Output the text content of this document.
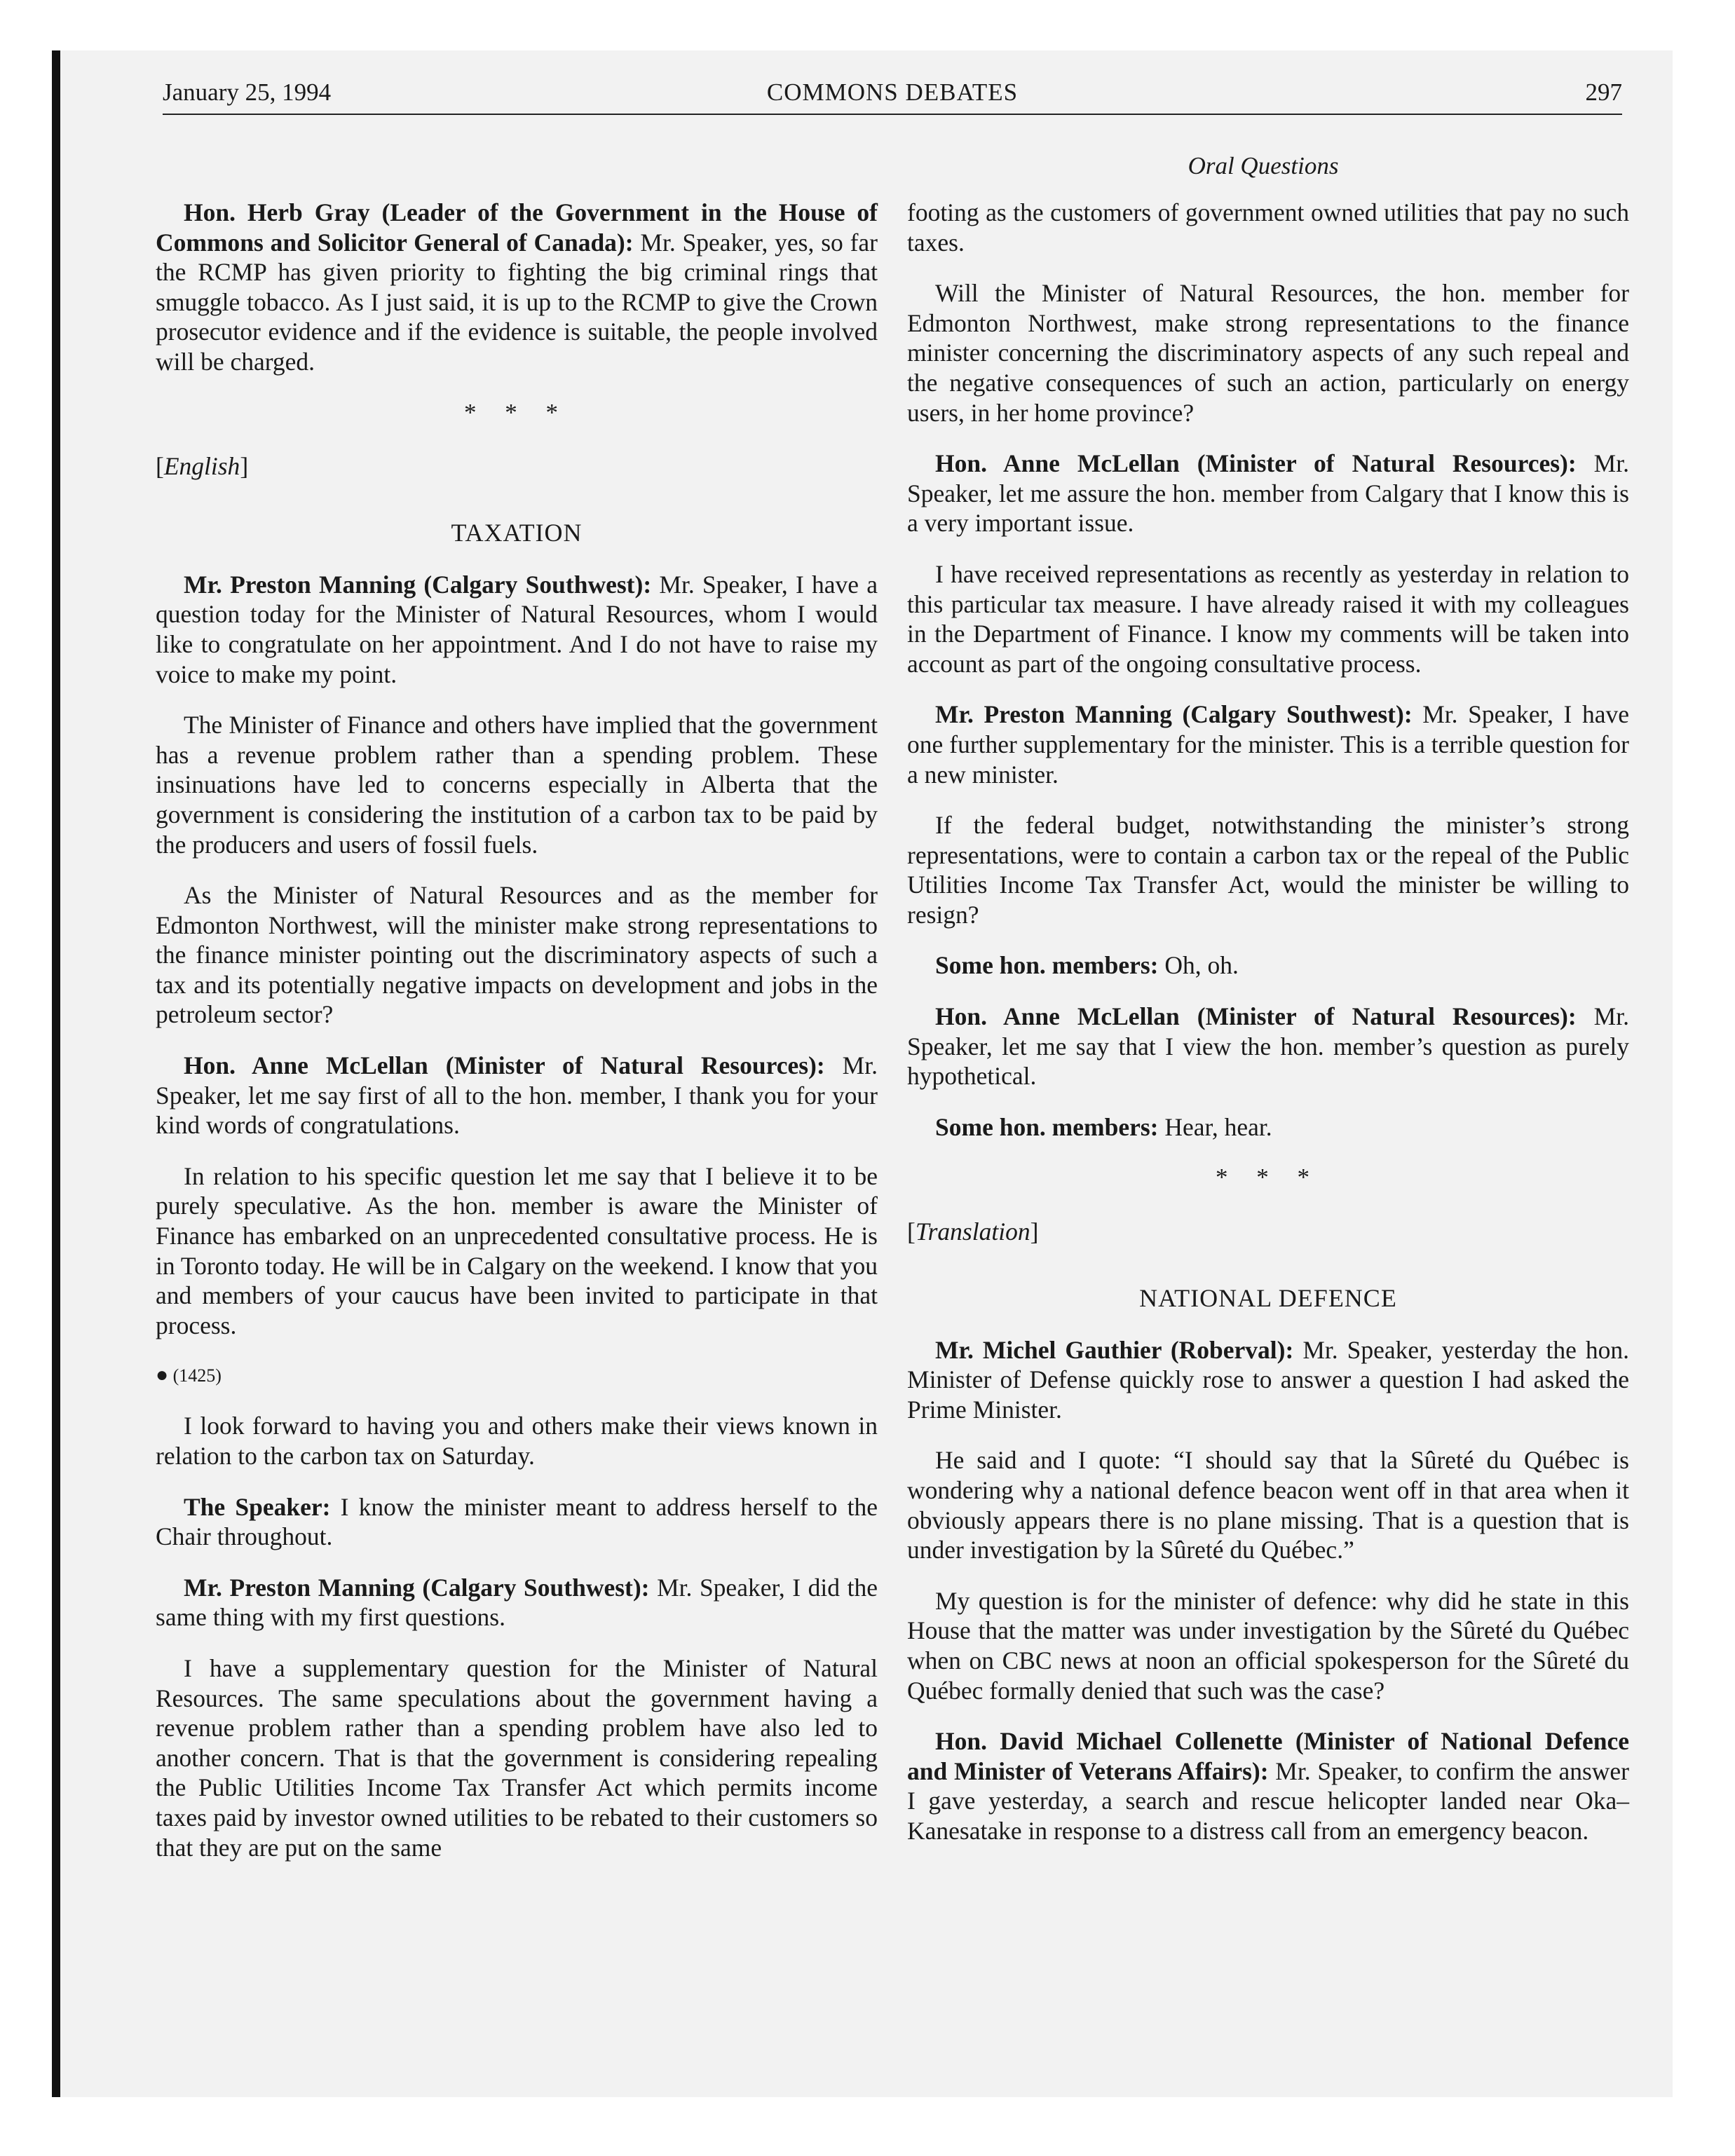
January 25, 1994	COMMONS DEBATES	297
Oral Questions

Hon. Herb Gray (Leader of the Government in the House of Commons and Solicitor General of Canada): Mr. Speaker, yes, so far the RCMP has given priority to fighting the big criminal rings that smuggle tobacco. As I just said, it is up to the RCMP to give the Crown prosecutor evidence and if the evidence is suitable, the people involved will be charged.

* * *
[English]
TAXATION

Mr. Preston Manning (Calgary Southwest): Mr. Speaker, I have a question today for the Minister of Natural Resources, whom I would like to congratulate on her appointment. And I do not have to raise my voice to make my point.

The Minister of Finance and others have implied that the government has a revenue problem rather than a spending problem. These insinuations have led to concerns especially in Alberta that the government is considering the institution of a carbon tax to be paid by the producers and users of fossil fuels.

As the Minister of Natural Resources and as the member for Edmonton Northwest, will the minister make strong representations to the finance minister pointing out the discriminatory aspects of such a tax and its potentially negative impacts on development and jobs in the petroleum sector?

Hon. Anne McLellan (Minister of Natural Resources): Mr. Speaker, let me say first of all to the hon. member, I thank you for your kind words of congratulations.

In relation to his specific question let me say that I believe it to be purely speculative. As the hon. member is aware the Minister of Finance has embarked on an unprecedented consultative process. He is in Toronto today. He will be in Calgary on the weekend. I know that you and members of your caucus have been invited to participate in that process.

● (1425)

I look forward to having you and others make their views known in relation to the carbon tax on Saturday.

The Speaker: I know the minister meant to address herself to the Chair throughout.

Mr. Preston Manning (Calgary Southwest): Mr. Speaker, I did the same thing with my first questions.

I have a supplementary question for the Minister of Natural Resources. The same speculations about the government having a revenue problem rather than a spending problem have also led to another concern. That is that the government is considering repealing the Public Utilities Income Tax Transfer Act which permits income taxes paid by investor owned utilities to be rebated to their customers so that they are put on the same

footing as the customers of government owned utilities that pay no such taxes.

Will the Minister of Natural Resources, the hon. member for Edmonton Northwest, make strong representations to the finance minister concerning the discriminatory aspects of any such repeal and the negative consequences of such an action, particularly on energy users, in her home province?

Hon. Anne McLellan (Minister of Natural Resources): Mr. Speaker, let me assure the hon. member from Calgary that I know this is a very important issue.

I have received representations as recently as yesterday in relation to this particular tax measure. I have already raised it with my colleagues in the Department of Finance. I know my comments will be taken into account as part of the ongoing consultative process.

Mr. Preston Manning (Calgary Southwest): Mr. Speaker, I have one further supplementary for the minister. This is a terrible question for a new minister.

If the federal budget, notwithstanding the minister’s strong representations, were to contain a carbon tax or the repeal of the Public Utilities Income Tax Transfer Act, would the minister be willing to resign?

Some hon. members: Oh, oh.

Hon. Anne McLellan (Minister of Natural Resources): Mr. Speaker, let me say that I view the hon. member’s question as purely hypothetical.

Some hon. members: Hear, hear.

* * *
[Translation]
NATIONAL DEFENCE

Mr. Michel Gauthier (Roberval): Mr. Speaker, yesterday the hon. Minister of Defense quickly rose to answer a question I had asked the Prime Minister.

He said and I quote: “I should say that la Sûreté du Québec is wondering why a national defence beacon went off in that area when it obviously appears there is no plane missing. That is a question that is under investigation by la Sûreté du Québec.”

My question is for the minister of defence: why did he state in this House that the matter was under investigation by the Sûreté du Québec when on CBC news at noon an official spokesperson for the Sûreté du Québec formally denied that such was the case?

Hon. David Michael Collenette (Minister of National Defence and Minister of Veterans Affairs): Mr. Speaker, to confirm the answer I gave yesterday, a search and rescue helicopter landed near Oka–Kanesatake in response to a distress call from an emergency beacon.
